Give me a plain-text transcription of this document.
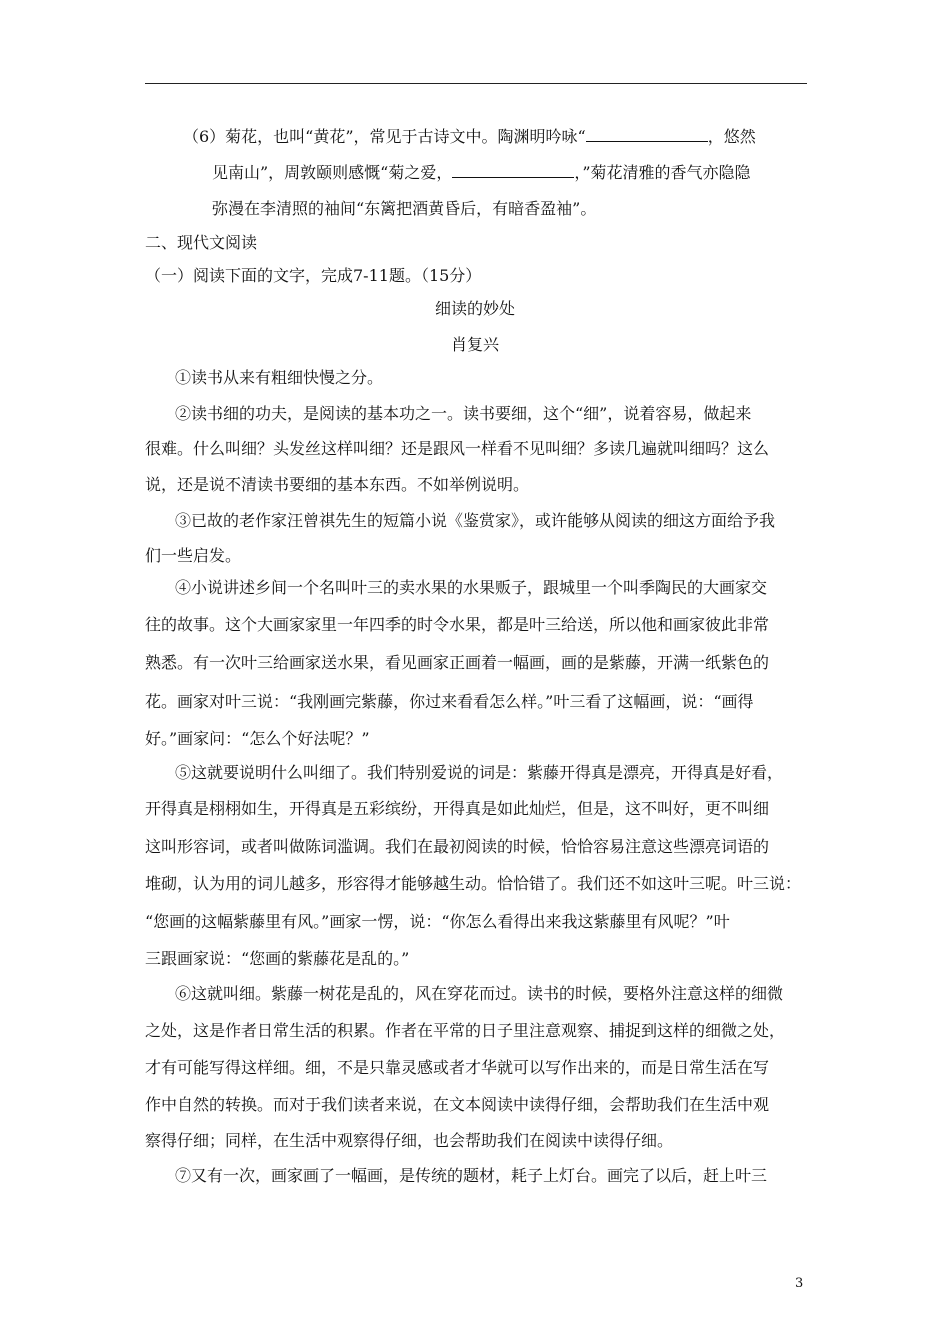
（6）菊花，也叫“黄花”，常见于古诗文中。陶渊明吟咏“	，悠然
见南山”，周敦颐则感慨“菊之爱，	，”菊花清雅的香气亦隐隐
弥漫在李清照的袖间“东篱把酒黄昏后，有暗香盈袖”。
二、现代文阅读
（一）阅读下面的文字，完成7-11题。（15分）
细读的妙处
肖复兴
①读书从来有粗细快慢之分。
②读书细的功夫，是阅读的基本功之一。读书要细，这个“细”，说着容易，做起来
很难。什么叫细？头发丝这样叫细？还是跟风一样看不见叫细？多读几遍就叫细吗？这么
说，还是说不清读书要细的基本东西。不如举例说明。
③已故的老作家汪曾祺先生的短篇小说《鉴赏家》，或许能够从阅读的细这方面给予我
们一些启发。
④小说讲述乡间一个名叫叶三的卖水果的水果贩子，跟城里一个叫季陶民的大画家交
往的故事。这个大画家家里一年四季的时令水果，都是叶三给送，所以他和画家彼此非常
熟悉。有一次叶三给画家送水果，看见画家正画着一幅画，画的是紫藤，开满一纸紫色的
花。画家对叶三说：“我刚画完紫藤，你过来看看怎么样。”叶三看了这幅画，说：“画得
好。”画家问：“怎么个好法呢？”
⑤这就要说明什么叫细了。我们特别爱说的词是：紫藤开得真是漂亮，开得真是好看，
开得真是栩栩如生，开得真是五彩缤纷，开得真是如此灿烂，但是，这不叫好，更不叫细
这叫形容词，或者叫做陈词滥调。我们在最初阅读的时候，恰恰容易注意这些漂亮词语的
堆砌，认为用的词儿越多，形容得才能够越生动。恰恰错了。我们还不如这叶三呢。叶三说：
“您画的这幅紫藤里有风。”画家一愣，说：“你怎么看得出来我这紫藤里有风呢？”叶
三跟画家说：“您画的紫藤花是乱的。”
⑥这就叫细。紫藤一树花是乱的，风在穿花而过。读书的时候，要格外注意这样的细微
之处，这是作者日常生活的积累。作者在平常的日子里注意观察、捕捉到这样的细微之处，
才有可能写得这样细。细，不是只靠灵感或者才华就可以写作出来的，而是日常生活在写
作中自然的转换。而对于我们读者来说，在文本阅读中读得仔细，会帮助我们在生活中观
察得仔细；同样，在生活中观察得仔细，也会帮助我们在阅读中读得仔细。
⑦又有一次，画家画了一幅画，是传统的题材，耗子上灯台。画完了以后，赶上叶三
3
